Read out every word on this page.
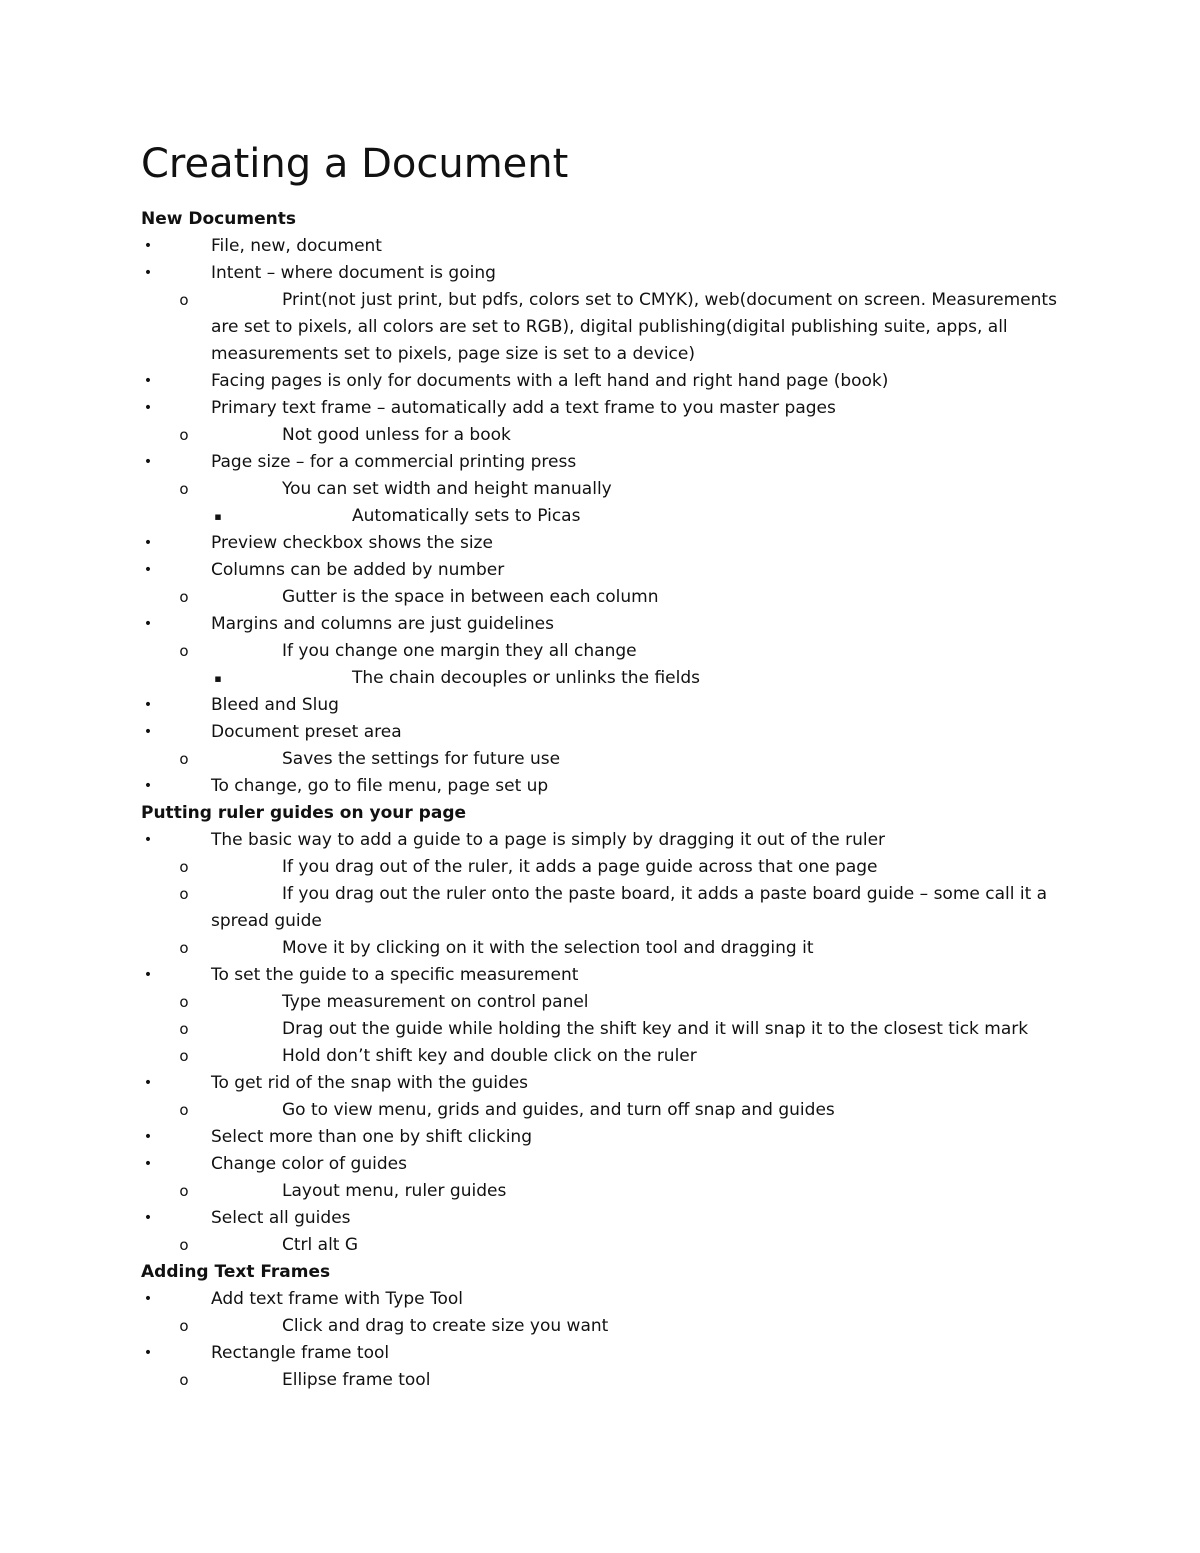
Creating a Document
New Documents
•	File, new, document
•	Intent – where document is going
o	Print(not just print, but pdfs, colors set to CMYK), web(document on screen. Measurements are set to pixels, all colors are set to RGB), digital publishing(digital publishing suite, apps, all measurements set to pixels, page size is set to a device)
•	Facing pages is only for documents with a left hand and right hand page (book)
•	Primary text frame – automatically add a text frame to you master pages
o	Not good unless for a book
•	Page size – for a commercial printing press
o	You can set width and height manually
▪	Automatically sets to Picas
•	Preview checkbox shows the size
•	Columns can be added by number
o	Gutter is the space in between each column
•	Margins and columns are just guidelines
o	If you change one margin they all change
▪	The chain decouples or unlinks the fields
•	Bleed and Slug
•	Document preset area
o	Saves the settings for future use
•	To change, go to file menu, page set up
Putting ruler guides on your page
•	The basic way to add a guide to a page is simply by dragging it out of the ruler
o	If you drag out of the ruler, it adds a page guide across that one page
o	If you drag out the ruler onto the paste board, it adds a paste board guide – some call it a spread guide
o	Move it by clicking on it with the selection tool and dragging it
•	To set the guide to a specific measurement
o	Type measurement on control panel
o	Drag out the guide while holding the shift key and it will snap it to the closest tick mark
o	Hold don’t shift key and double click on the ruler
•	To get rid of the snap with the guides
o	Go to view menu, grids and guides, and turn off snap and guides
•	Select more than one by shift clicking
•	Change color of guides
o	Layout menu, ruler guides
•	Select all guides
o	Ctrl alt G
Adding Text Frames
•	Add text frame with Type Tool
o	Click and drag to create size you want
•	Rectangle frame tool
o	Ellipse frame tool
